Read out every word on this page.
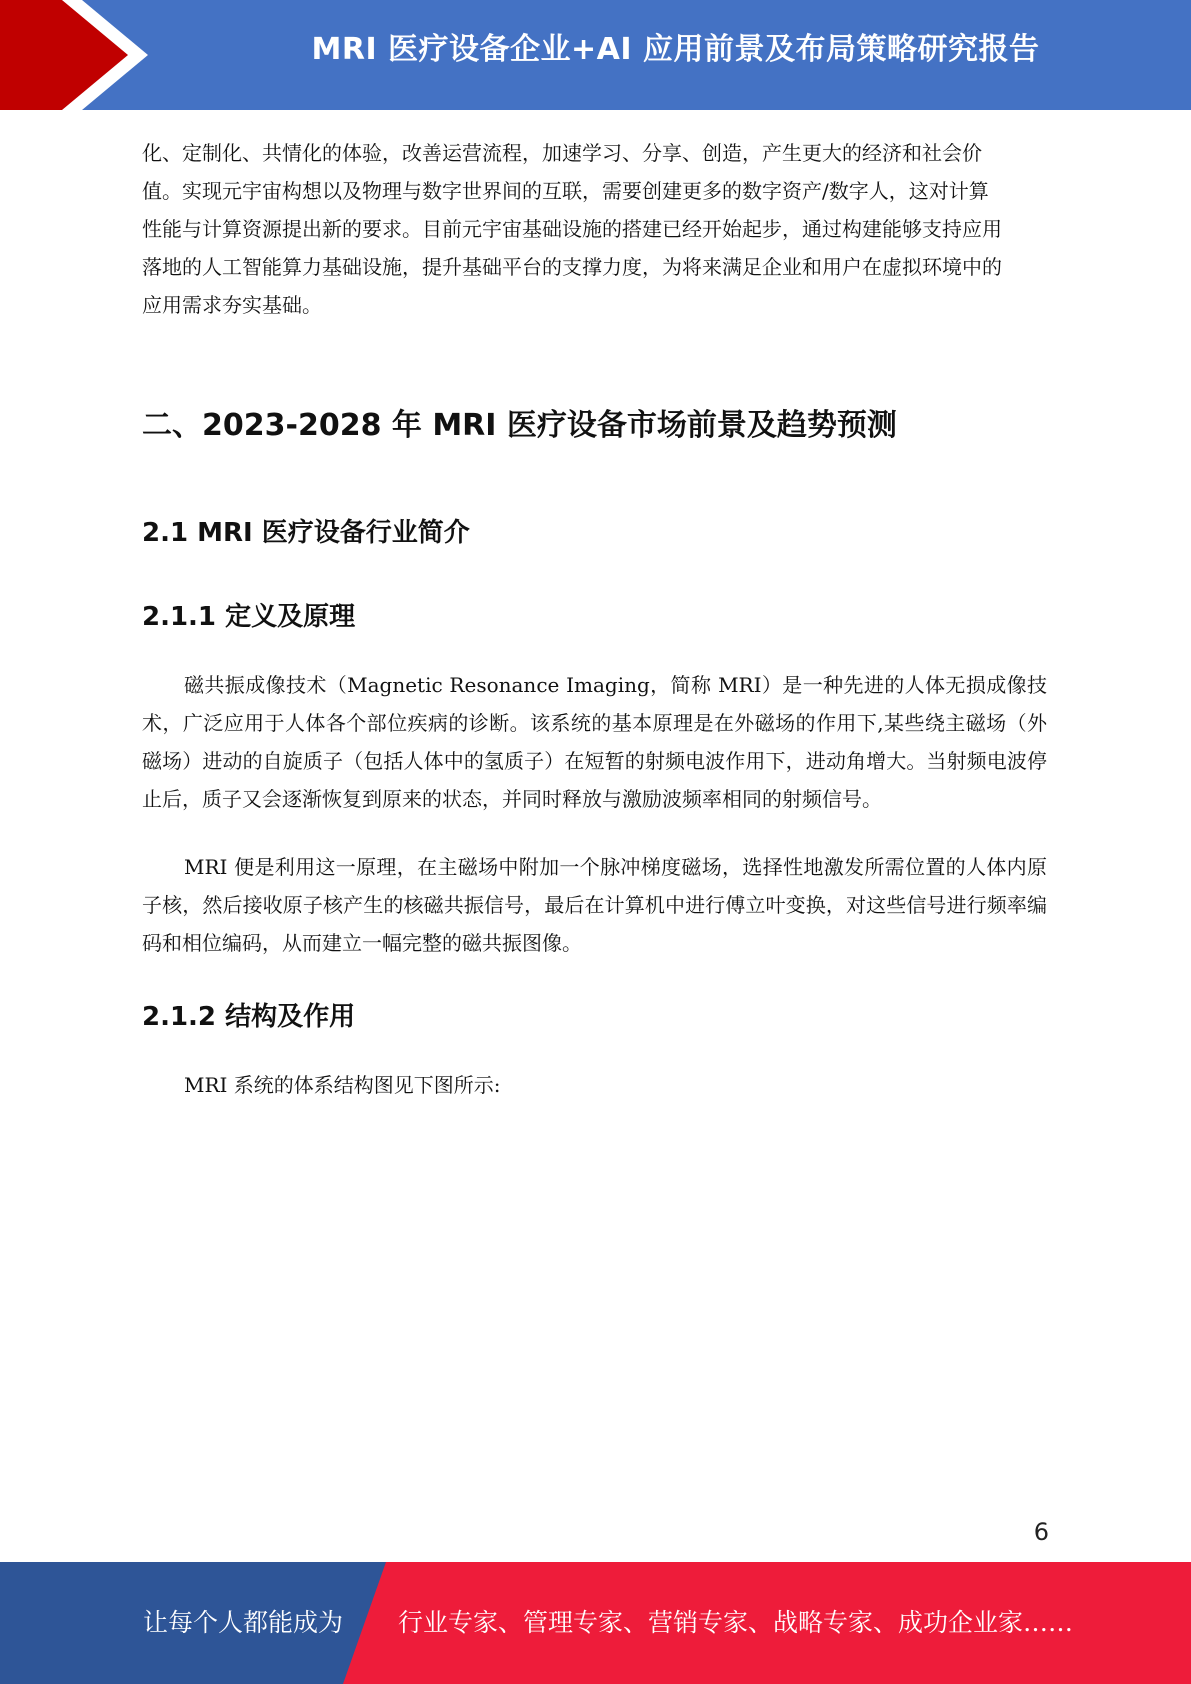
MRI 医疗设备企业+AI 应用前景及布局策略研究报告

化、定制化、共情化的体验，改善运营流程，加速学习、分享、创造，产生更大的经济和社会价

值。实现元宇宙构想以及物理与数字世界间的互联，需要创建更多的数字资产/数字人，这对计算

性能与计算资源提出新的要求。目前元宇宙基础设施的搭建已经开始起步，通过构建能够支持应用

落地的人工智能算力基础设施，提升基础平台的支撑力度，为将来满足企业和用户在虚拟环境中的

应用需求夯实基础。

二、2023-2028 年 MRI 医疗设备市场前景及趋势预测
2.1 MRI 医疗设备行业简介
2.1.1 定义及原理

磁共振成像技术（Magnetic Resonance Imaging，简称 MRI）是一种先进的人体无损成像技术，广泛应用于人体各个部位疾病的诊断。该系统的基本原理是在外磁场的作用下,某些绕主磁场（外磁场）进动的自旋质子（包括人体中的氢质子）在短暂的射频电波作用下，进动角增大。当射频电波停止后，质子又会逐渐恢复到原来的状态，并同时释放与激励波频率相同的射频信号。

MRI 便是利用这一原理，在主磁场中附加一个脉冲梯度磁场，选择性地激发所需位置的人体内原子核，然后接收原子核产生的核磁共振信号，最后在计算机中进行傅立叶变换，对这些信号进行频率编码和相位编码，从而建立一幅完整的磁共振图像。

2.1.2 结构及作用

MRI 系统的体系结构图见下图所示:

6
让每个人都能成为 行业专家、管理专家、营销专家、战略专家、成功企业家……
